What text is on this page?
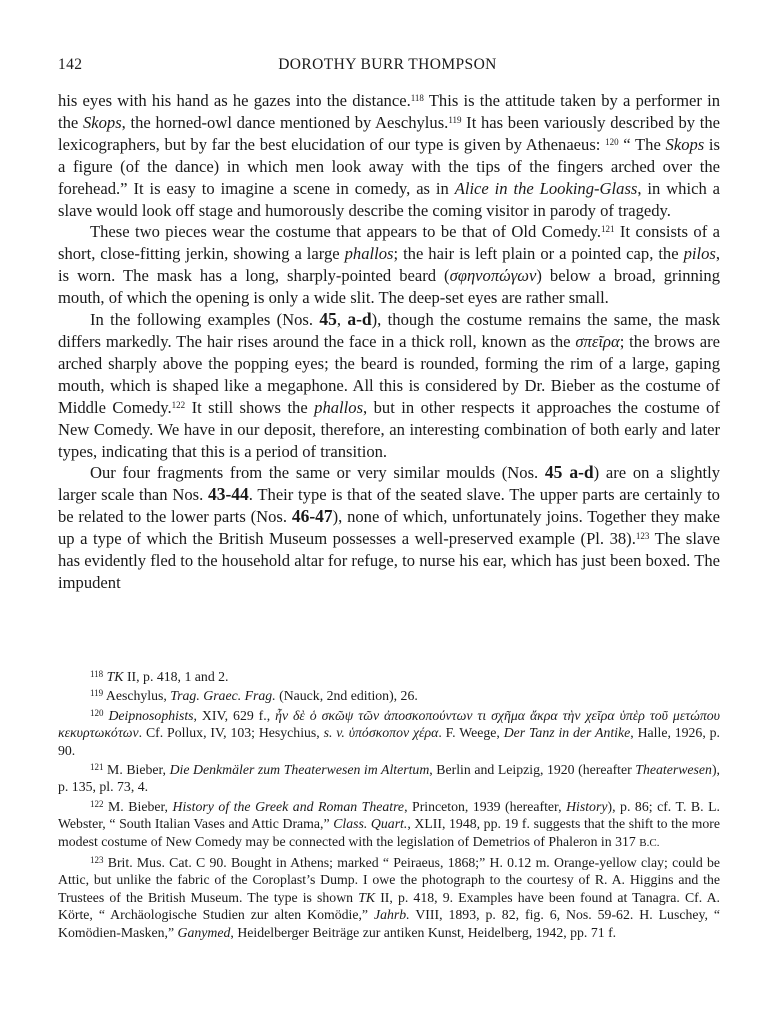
142	DOROTHY BURR THOMPSON

his eyes with his hand as he gazes into the distance.$^{118}$ This is the attitude taken by a performer in the Skops, the horned-owl dance mentioned by Aeschylus.$^{119}$ It has been variously described by the lexicographers, but by far the best elucidation of our type is given by Athenaeus: $^{120}$ “ The Skops is a figure (of the dance) in which men look away with the tips of the fingers arched over the forehead.” It is easy to imagine a scene in comedy, as in Alice in the Looking-Glass, in which a slave would look off stage and humorously describe the coming visitor in parody of tragedy.

These two pieces wear the costume that appears to be that of Old Comedy.$^{121}$ It consists of a short, close-fitting jerkin, showing a large phallos; the hair is left plain or a pointed cap, the pilos, is worn. The mask has a long, sharply-pointed beard (σφηνοπώγων) below a broad, grinning mouth, of which the opening is only a wide slit. The deep-set eyes are rather small.

In the following examples (Nos. 45, a-d), though the costume remains the same, the mask differs markedly. The hair rises around the face in a thick roll, known as the σπεῖρα; the brows are arched sharply above the popping eyes; the beard is rounded, forming the rim of a large, gaping mouth, which is shaped like a megaphone. All this is considered by Dr. Bieber as the costume of Middle Comedy.$^{122}$ It still shows the phallos, but in other respects it approaches the costume of New Comedy. We have in our deposit, therefore, an interesting combination of both early and later types, indicating that this is a period of transition.

Our four fragments from the same or very similar moulds (Nos. 45 a-d) are on a slightly larger scale than Nos. 43-44. Their type is that of the seated slave. The upper parts are certainly to be related to the lower parts (Nos. 46-47), none of which, unfortunately joins. Together they make up a type of which the British Museum possesses a well-preserved example (Pl. 38).$^{123}$ The slave has evidently fled to the household altar for refuge, to nurse his ear, which has just been boxed. The impudent

$^{118}$ TK II, p. 418, 1 and 2.

$^{119}$ Aeschylus, Trag. Graec. Frag. (Nauck, 2nd edition), 26.

$^{120}$ Deipnosophists, XIV, 629 f., ἦν δὲ ὁ σκῶψ τῶν ἀποσκοπούντων τι σχῆμα ἄκρα τὴν χεῖρα ὑπὲρ τοῦ μετώπου κεκυρτωκότων. Cf. Pollux, IV, 103; Hesychius, s. v. ὑπόσκοπον χέρα. F. Weege, Der Tanz in der Antike, Halle, 1926, p. 90.

$^{121}$ M. Bieber, Die Denkmäler zum Theaterwesen im Altertum, Berlin and Leipzig, 1920 (hereafter Theaterwesen), p. 135, pl. 73, 4.

$^{122}$ M. Bieber, History of the Greek and Roman Theatre, Princeton, 1939 (hereafter, History), p. 86; cf. T. B. L. Webster, “ South Italian Vases and Attic Drama,” Class. Quart., XLII, 1948, pp. 19 f. suggests that the shift to the more modest costume of New Comedy may be connected with the legislation of Demetrios of Phaleron in 317 B.C.

$^{123}$ Brit. Mus. Cat. C 90. Bought in Athens; marked “ Peiraeus, 1868;” H. 0.12 m. Orange-yellow clay; could be Attic, but unlike the fabric of the Coroplast’s Dump. I owe the photograph to the courtesy of R. A. Higgins and the Trustees of the British Museum. The type is shown TK II, p. 418, 9. Examples have been found at Tanagra. Cf. A. Körte, “ Archäologische Studien zur alten Komödie,” Jahrb. VIII, 1893, p. 82, fig. 6, Nos. 59-62. H. Luschey, “ Komödien-Masken,” Ganymed, Heidelberger Beiträge zur antiken Kunst, Heidelberg, 1942, pp. 71 f.
